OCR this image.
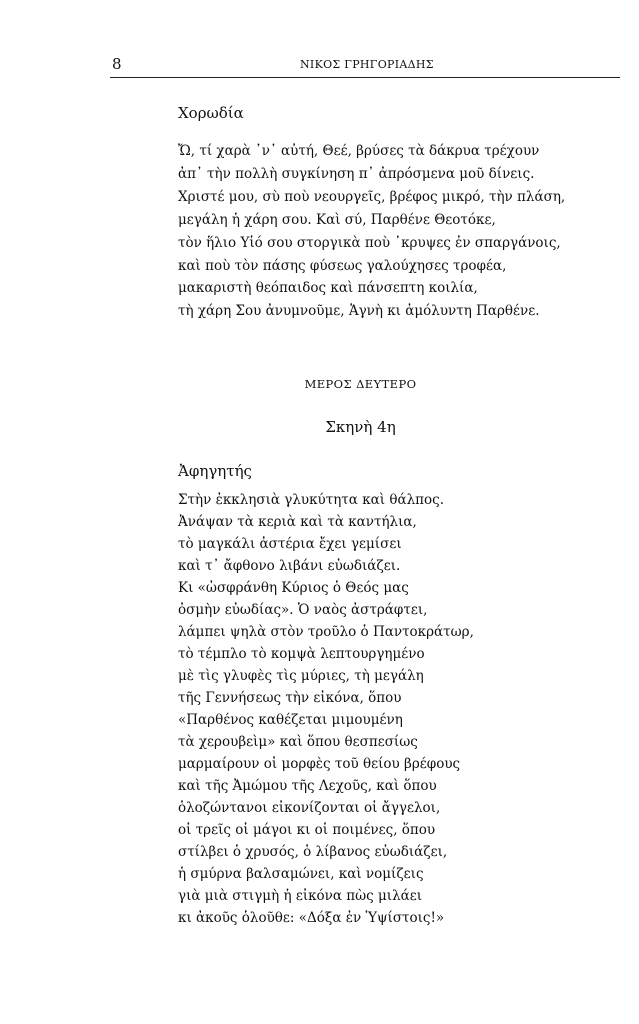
8	ΝΙΚΟΣ ΓΡΗΓΟΡΙΑΔΗΣ
Χορωδία
Ὤ, τί χαρὰ ᾿ν᾿ αὐτή, Θεέ, βρύσες τὰ δάκρυα τρέχουν
ἀπ᾿ τὴν πολλὴ συγκίνηση π᾿ ἀπρόσμενα μοῦ δίνεις.
Χριστέ μου, σὺ ποὺ νεουργεῖς, βρέφος μικρό, τὴν πλάση,
μεγάλη ἡ χάρη σου. Καὶ σύ, Παρθένε Θεοτόκε,
τὸν ἥλιο Υἱό σου στοργικὰ ποὺ ᾿κρυψες ἐν σπαργάνοις,
καὶ ποὺ τὸν πάσης φύσεως γαλούχησες τροφέα,
μακαριστὴ θεόπαιδος καὶ πάνσεπτη κοιλία,
τὴ χάρη Σου ἀνυμνοῦμε, Ἁγνὴ κι ἀμόλυντη Παρθένε.
ΜΕΡΟΣ ΔΕΥΤΕΡΟ
Σκηνὴ 4η
Ἀφηγητής
Στὴν ἐκκλησιὰ γλυκύτητα καὶ θάλπος.
Ἀνάψαν τὰ κεριὰ καὶ τὰ καντήλια,
τὸ μαγκάλι ἀστέρια ἔχει γεμίσει
καὶ τ᾿ ἄφθονο λιβάνι εὐωδιάζει.
Κι «ὠσφράνθη Κύριος ὁ Θεός μας
ὀσμὴν εὐωδίας». Ὁ ναὸς ἀστράφτει,
λάμπει ψηλὰ στὸν τροῦλο ὁ Παντοκράτωρ,
τὸ τέμπλο τὸ κομψὰ λεπτουργημένο
μὲ τὶς γλυφὲς τὶς μύριες, τὴ μεγάλη
τῆς Γεννήσεως τὴν εἰκόνα, ὅπου
«Παρθένος καθέζεται μιμουμένη
τὰ χερουβεὶμ» καὶ ὅπου θεσπεσίως
μαρμαίρουν οἱ μορφὲς τοῦ θείου βρέφους
καὶ τῆς Ἀμώμου τῆς Λεχοῦς, καὶ ὅπου
ὁλοζώντανοι εἰκονίζονται οἱ ἄγγελοι,
οἱ τρεῖς οἱ μάγοι κι οἱ ποιμένες, ὅπου
στίλβει ὁ χρυσός, ὁ λίβανος εὐωδιάζει,
ἡ σμύρνα βαλσαμώνει, καὶ νομίζεις
γιὰ μιὰ στιγμὴ ἡ εἰκόνα πὼς μιλάει
κι ἀκοῦς ὁλοῦθε: «Δόξα ἐν Ὑψίστοις!»
